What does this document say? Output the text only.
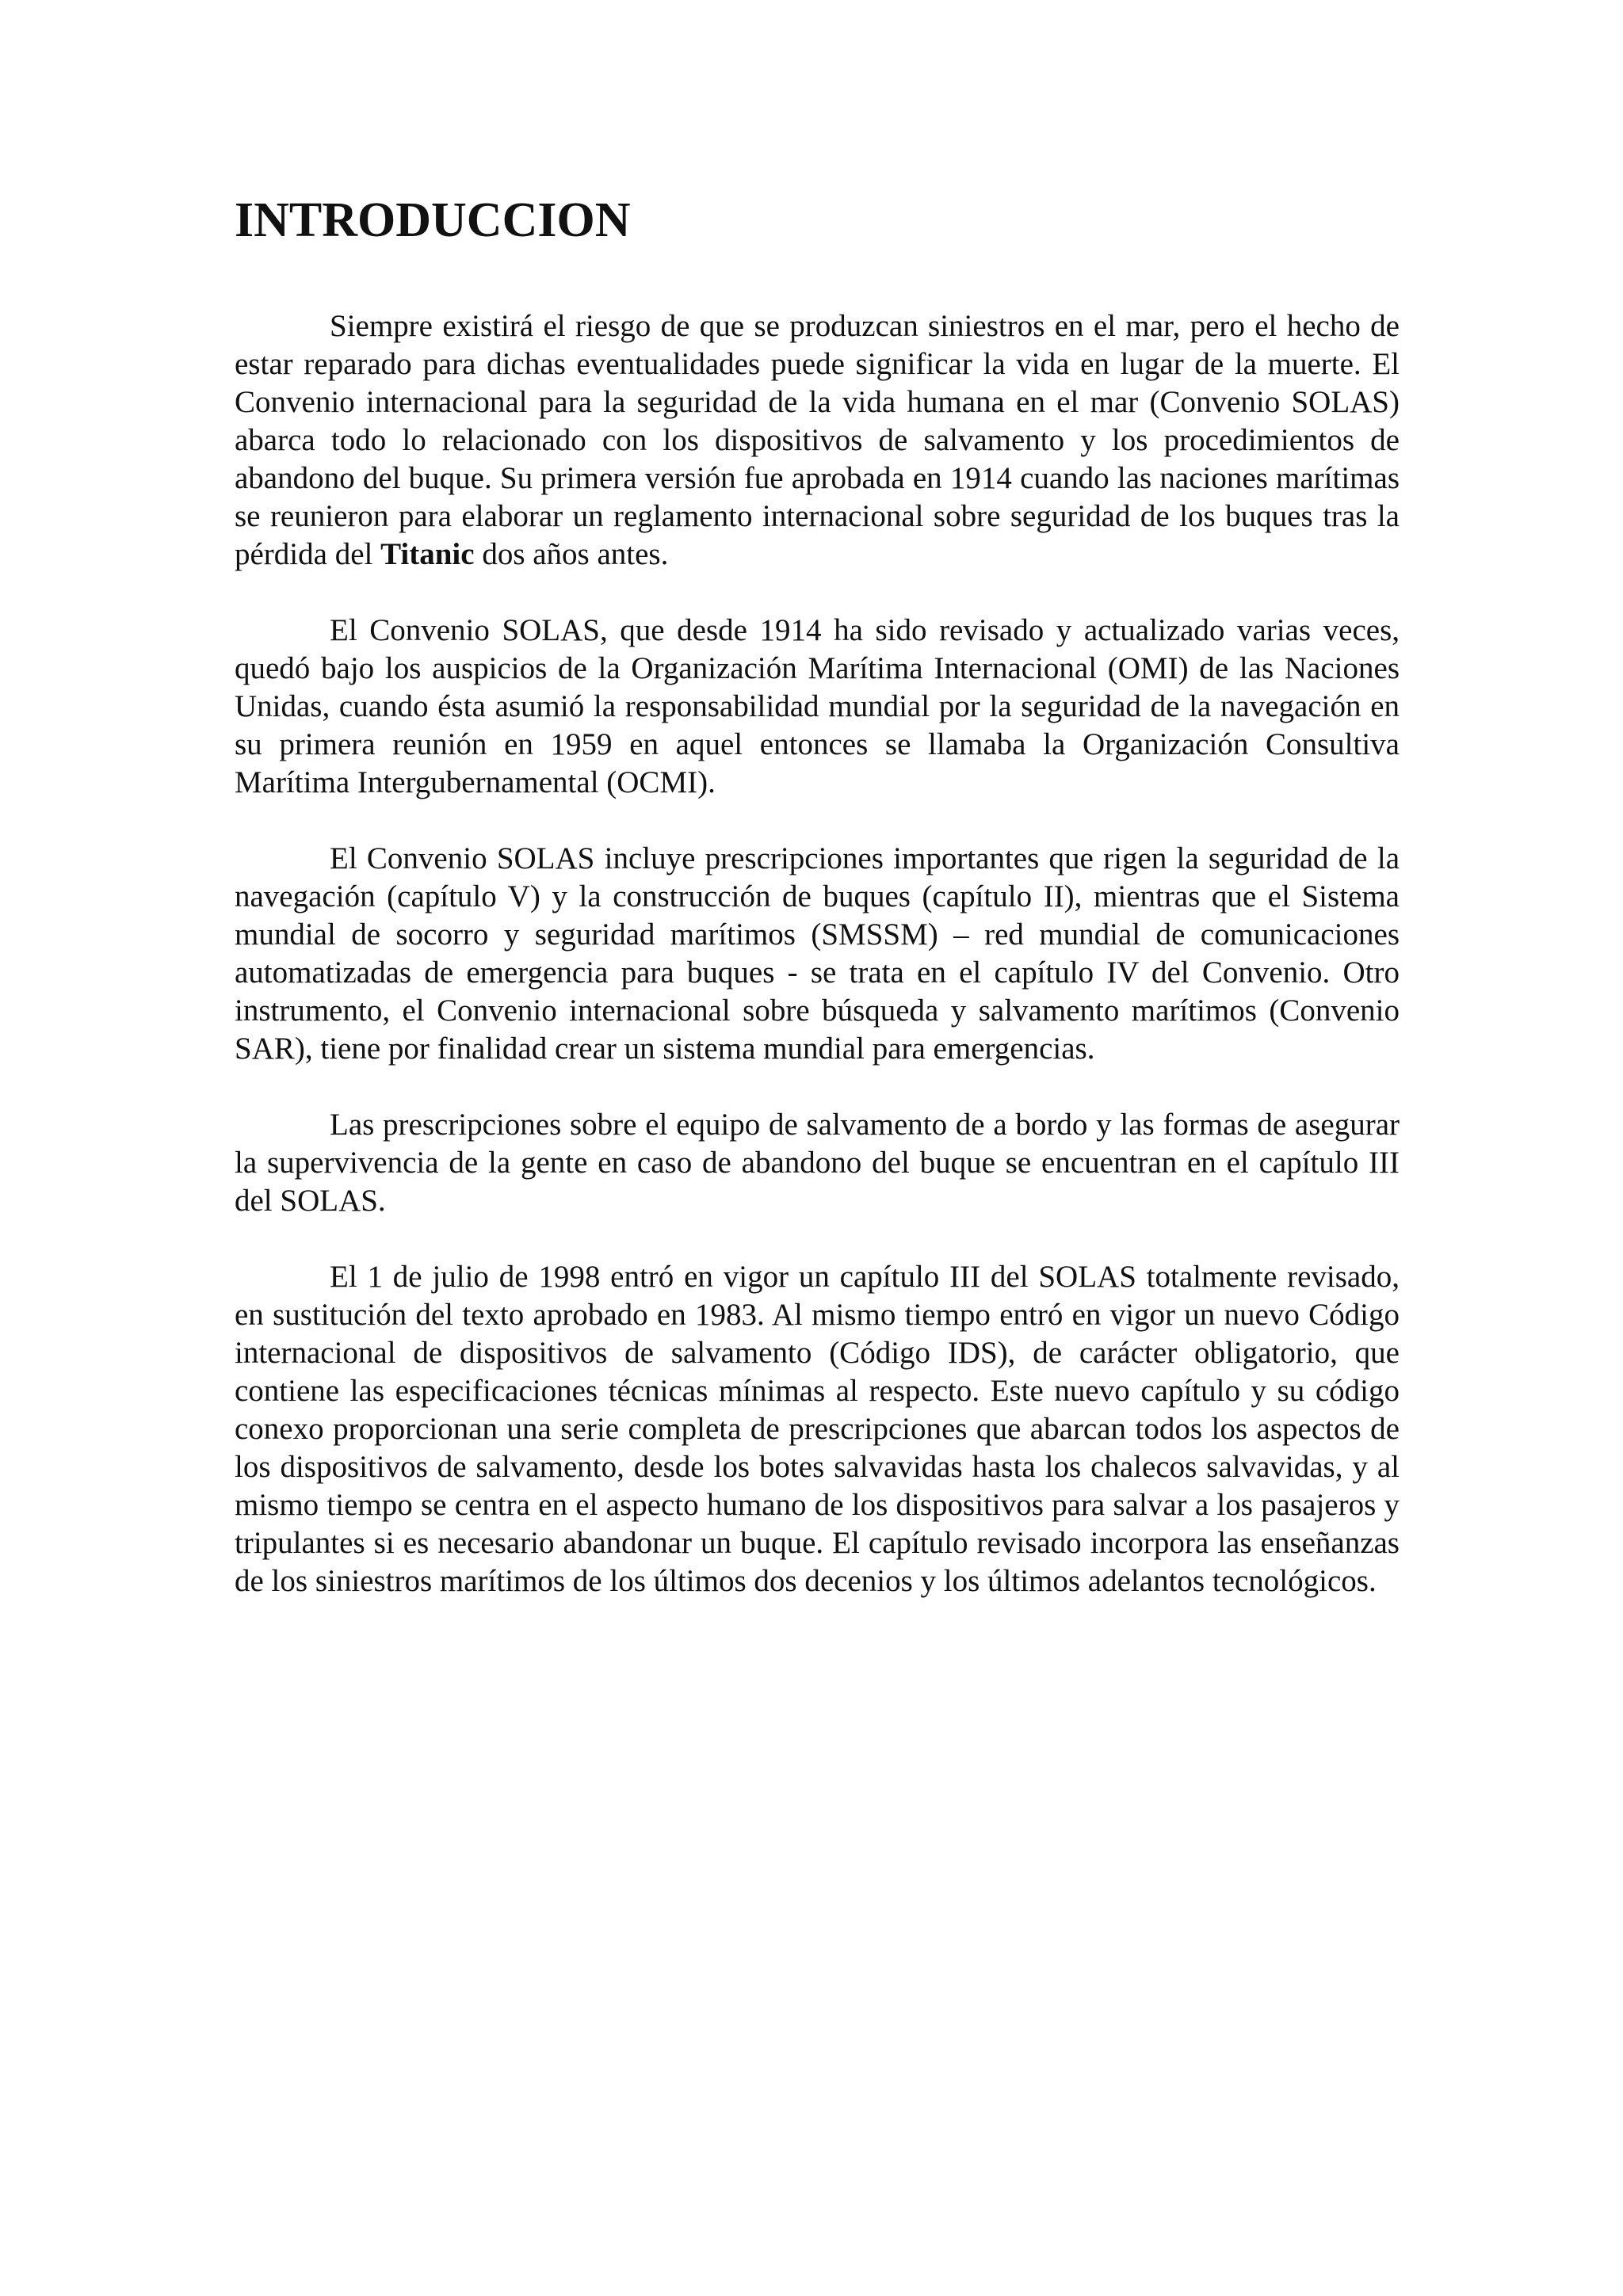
INTRODUCCION

Siempre existirá el riesgo de que se produzcan siniestros en el mar, pero el hecho de estar reparado para dichas eventualidades puede significar la vida en lugar de la muerte. El Convenio internacional para la seguridad de la vida humana en el mar (Convenio SOLAS) abarca todo lo relacionado con los dispositivos de salvamento y los procedimientos de abandono del buque. Su primera versión fue aprobada en 1914 cuando las naciones marítimas se reunieron para elaborar un reglamento internacional sobre seguridad de los buques tras la pérdida del Titanic dos años antes.

El Convenio SOLAS, que desde 1914 ha sido revisado y actualizado varias veces, quedó bajo los auspicios de la Organización Marítima Internacional (OMI) de las Naciones Unidas, cuando ésta asumió la responsabilidad mundial por la seguridad de la navegación en su primera reunión en 1959 en aquel entonces se llamaba la Organización Consultiva Marítima Intergubernamental (OCMI).

El Convenio SOLAS incluye prescripciones importantes que rigen la seguridad de la navegación (capítulo V) y la construcción de buques (capítulo II), mientras que el Sistema mundial de socorro y seguridad marítimos (SMSSM) – red mundial de comunicaciones automatizadas de emergencia para buques - se trata en el capítulo IV del Convenio. Otro instrumento, el Convenio internacional sobre búsqueda y salvamento marítimos (Convenio SAR), tiene por finalidad crear un sistema mundial para emergencias.

Las prescripciones sobre el equipo de salvamento de a bordo y las formas de asegurar la supervivencia de la gente en caso de abandono del buque se encuentran en el capítulo III del SOLAS.

El 1 de julio de 1998 entró en vigor un capítulo III del SOLAS totalmente revisado, en sustitución del texto aprobado en 1983. Al mismo tiempo entró en vigor un nuevo Código internacional de dispositivos de salvamento (Código IDS), de carácter obligatorio, que contiene las especificaciones técnicas mínimas al respecto. Este nuevo capítulo y su código conexo proporcionan una serie completa de prescripciones que abarcan todos los aspectos de los dispositivos de salvamento, desde los botes salvavidas hasta los chalecos salvavidas, y al mismo tiempo se centra en el aspecto humano de los dispositivos para salvar a los pasajeros y tripulantes si es necesario abandonar un buque. El capítulo revisado incorpora las enseñanzas de los siniestros marítimos de los últimos dos decenios y los últimos adelantos tecnológicos.
